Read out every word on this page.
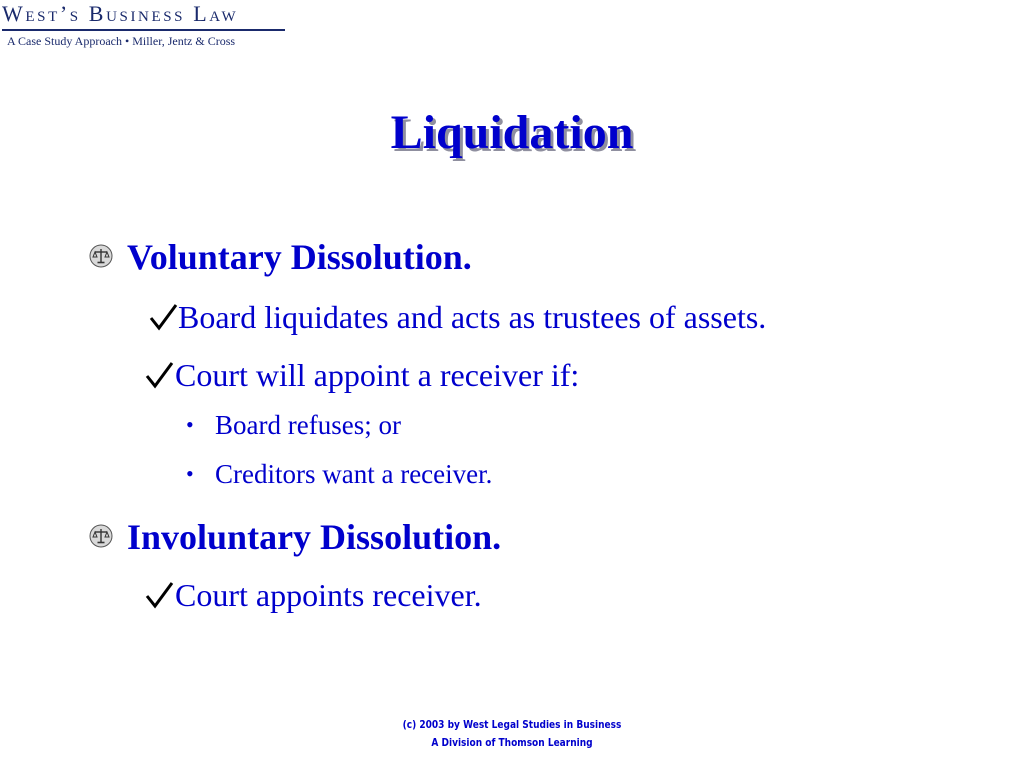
West’s Business Law
A Case Study Approach • Miller, Jentz & Cross
Liquidation
Voluntary Dissolution.
Board liquidates and acts as trustees of assets.
Court will appoint a receiver if:
• Board refuses; or
• Creditors want a receiver.
Involuntary Dissolution.
Court appoints receiver.
(c) 2003 by West Legal Studies in Business
A Division of Thomson Learning
